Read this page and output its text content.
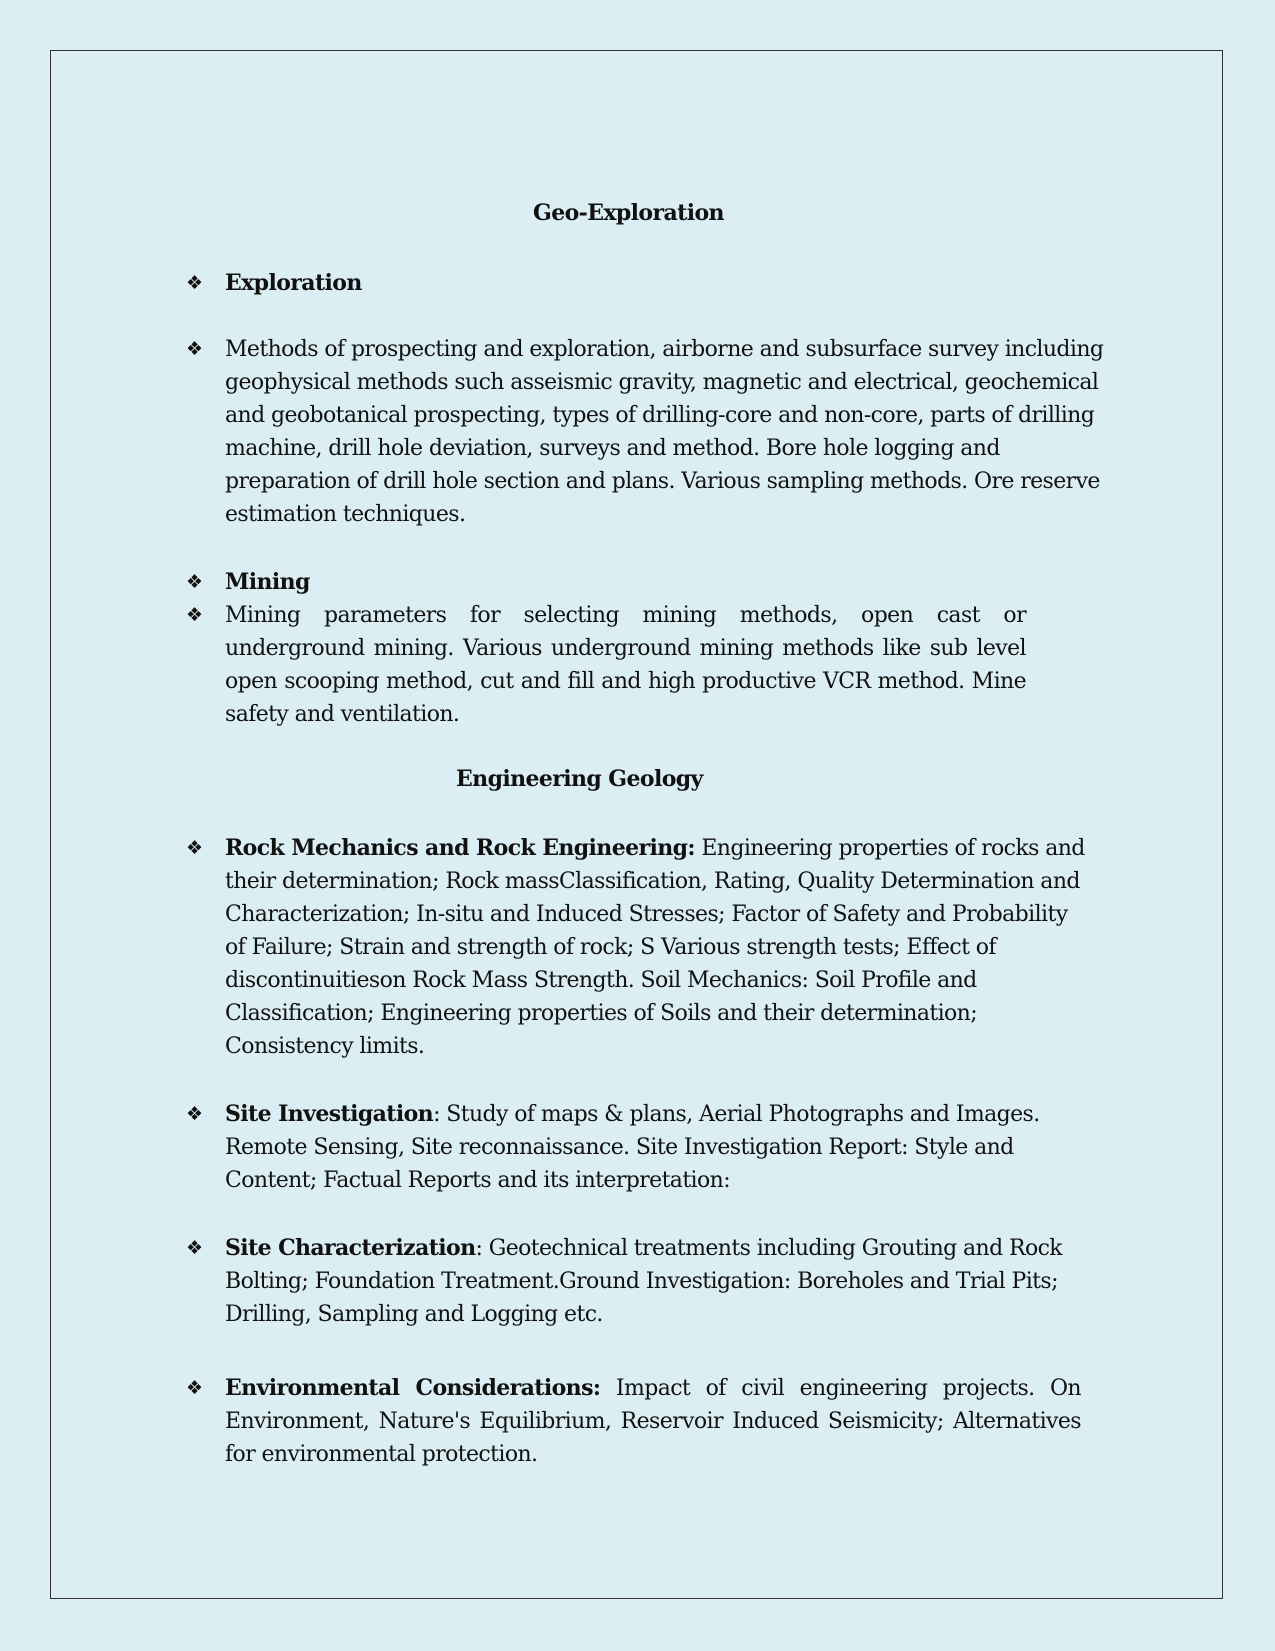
Geo-Exploration
❖	Exploration
❖	Methods of prospecting and exploration, airborne and subsurface survey including geophysical methods such asseismic gravity, magnetic and electrical, geochemical and geobotanical prospecting, types of drilling-core and non-core, parts of drilling machine, drill hole deviation, surveys and method. Bore hole logging and preparation of drill hole section and plans. Various sampling methods. Ore reserve estimation techniques.
❖	Mining
❖	Mining parameters for selecting mining methods, open cast or underground mining. Various underground mining methods like sub level open scooping method, cut and fill and high productive VCR method. Mine safety and ventilation.
Engineering Geology
❖	Rock Mechanics and Rock Engineering: Engineering properties of rocks and their determination; Rock massClassification, Rating, Quality Determination and Characterization; In-situ and Induced Stresses; Factor of Safety and Probability of Failure; Strain and strength of rock; S Various strength tests; Effect of discontinuitieson Rock Mass Strength. Soil Mechanics: Soil Profile and Classification; Engineering properties of Soils and their determination; Consistency limits.
❖	Site Investigation: Study of maps & plans, Aerial Photographs and Images. Remote Sensing, Site reconnaissance. Site Investigation Report: Style and Content; Factual Reports and its interpretation:
❖	Site Characterization: Geotechnical treatments including Grouting and Rock Bolting; Foundation Treatment.Ground Investigation: Boreholes and Trial Pits; Drilling, Sampling and Logging etc.
❖	Environmental Considerations: Impact of civil engineering projects. On Environment, Nature's Equilibrium, Reservoir Induced Seismicity; Alternatives for environmental protection.
